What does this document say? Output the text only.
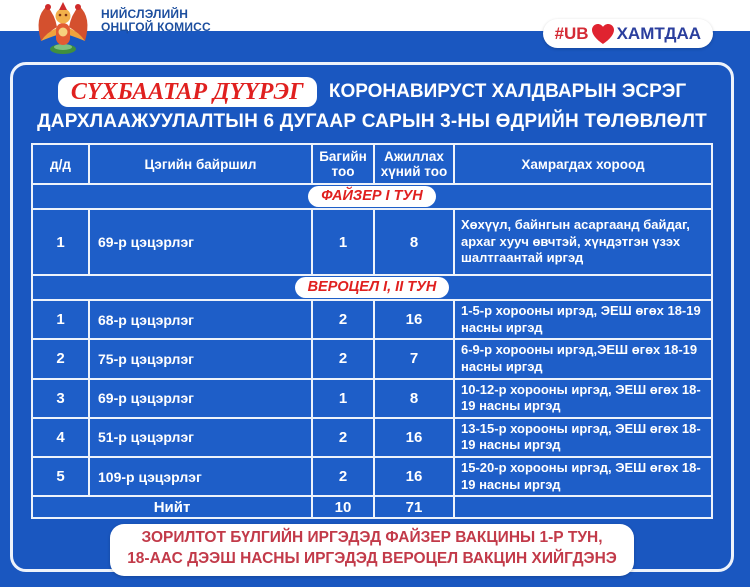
НИЙСЛЭЛИЙН
ОНЦГОЙ КОМИСС	#UB ХАМТДАА
СҮХБААТАР ДҮҮРЭГ КОРОНАВИРУСТ ХАЛДВАРЫН ЭСРЭГ
ДАРХЛААЖУУЛАЛТЫН 6 ДУГААР САРЫН 3-НЫ ӨДРИЙН ТӨЛӨВЛӨЛТ
д/д	Цэгийн байршил	Багийн тоо	Ажиллах хүний тоо	Хамрагдах хороод
ФАЙЗЕР I ТУН				
1	69-р цэцэрлэг	1	8	Хөхүүл, байнгын асаргаанд байдаг, архаг хууч өвчтэй, хүндэтгэн үзэх шалтгаантай иргэд
ВЕРОЦЕЛ I, II ТУН				
1	68-р цэцэрлэг	2	16	1-5-р хорооны иргэд, ЭЕШ өгөх 18-19 насны иргэд
2	75-р цэцэрлэг	2	7	6-9-р хорооны иргэд,ЭЕШ өгөх 18-19 насны иргэд
3	69-р цэцэрлэг	1	8	10-12-р хорооны иргэд, ЭЕШ өгөх 18-19 насны иргэд
4	51-р цэцэрлэг	2	16	13-15-р хорооны иргэд, ЭЕШ өгөх 18-19 насны иргэд
5	109-р цэцэрлэг	2	16	15-20-р хорооны иргэд, ЭЕШ өгөх 18-19 насны иргэд
Нийт		10	71	
ЗОРИЛТОТ БҮЛГИЙН ИРГЭДЭД ФАЙЗЕР ВАКЦИНЫ 1-Р ТУН,
18-ААС ДЭЭШ НАСНЫ ИРГЭДЭД ВЕРОЦЕЛ ВАКЦИН ХИЙГДЭНЭ
